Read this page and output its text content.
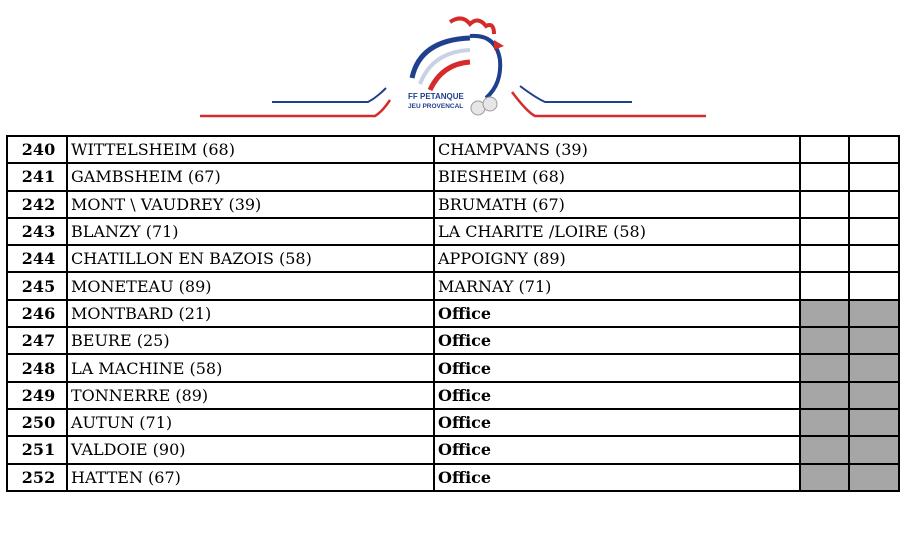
FF PETANQUE
JEU PROVENCAL
240	WITTELSHEIM (68)	CHAMPVANS (39)		
241	GAMBSHEIM (67)	BIESHEIM (68)		
242	MONT \ VAUDREY (39)	BRUMATH (67)		
243	BLANZY (71)	LA CHARITE /LOIRE (58)		
244	CHATILLON EN BAZOIS (58)	APPOIGNY (89)		
245	MONETEAU (89)	MARNAY (71)		
246	MONTBARD (21)	Office		
247	BEURE (25)	Office		
248	LA MACHINE (58)	Office		
249	TONNERRE (89)	Office		
250	AUTUN (71)	Office		
251	VALDOIE (90)	Office		
252	HATTEN (67)	Office		
